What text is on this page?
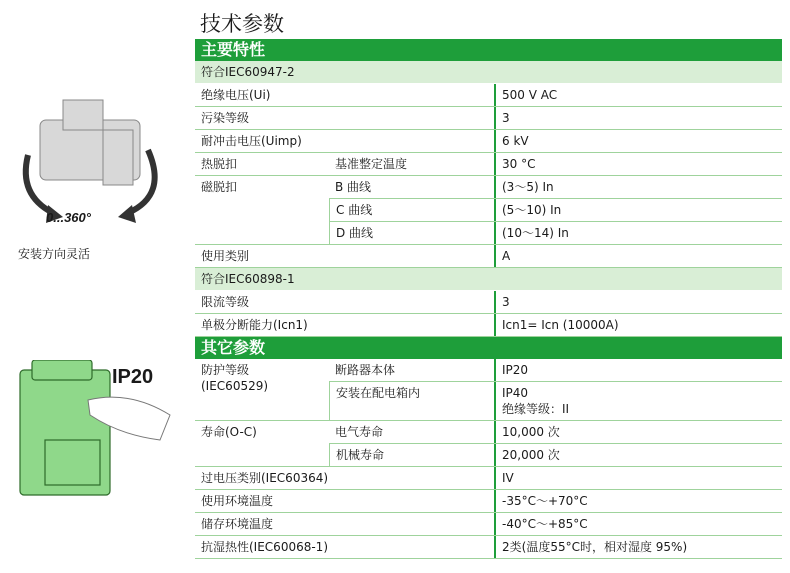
0...360°
安装方向灵活
IP20
技术参数
主要特性
符合IEC60947-2
绝缘电压(Ui)	500 V AC
污染等级	3
耐冲击电压(Uimp)	6 kV
热脱扣	基准整定温度	30 °C
磁脱扣	B 曲线	(3～5) In
C 曲线	(5～10) In
D 曲线	(10～14) In
使用类别	A
符合IEC60898-1
限流等级	3
单极分断能力(Icn1)	Icn1= Icn (10000A)
其它参数
防护等级
(IEC60529)
断路器本体	IP20
安装在配电箱内	IP40
绝缘等级：II
寿命(O-C)	电气寿命	10,000 次
机械寿命	20,000 次
过电压类别(IEC60364)	IV
使用环境温度	-35°C～+70°C
储存环境温度	-40°C～+85°C
抗湿热性(IEC60068-1)	2类(温度55°C时，相对湿度 95%)
